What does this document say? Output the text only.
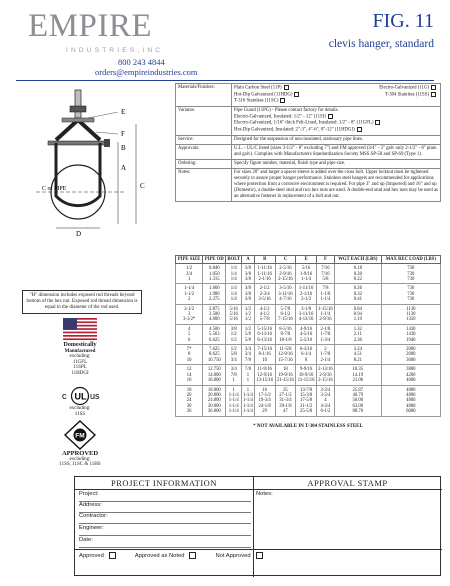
EMPIRE
INDUSTRIES,INC
800 243 4844
orders@empireindustries.com
FIG. 11
clevis hanger, standard
C of PIPE
D
C
A
E
F
B
Materials/Finishes:	Plain Carbon Steel (11P) Electro-Galvanized (11G)
Hot-Dip Galvanized (11HDG) T-304 Stainless (11SS)
T-316 Stainless (11SC)

Variants:	Pipe Guard (11PG) - Please contact factory for details.
Electro-Galvanized, Insulated: 1/2" - 12" (11SI)
Electro-Galvanized, 1/16" thick Felt-Lined, Insulated: 1/2" - 8" (11GFL)
Hot-Dip Galvanized, Insulated: 2"-3", 4"-6", 8"-12" (11HDGI)

Service:	Designed for the suspension of non-insulated, stationary pipe lines.
Approvals:	U.L. - UL/C listed (sizes 3-1/2" - 8" excluding 7") and FM approved (3/4" - 3" galv only 2-1/2" - 8" plain and galv). Complies with Manufacturers Standardization Society MSS SP-58 and SP-69 (Type 1).
Ordering:	Specify figure number, material, finish type and pipe size.
Notes:	For sizes 20" and larger a spacer sleeve is added over the cross bolt. Upper locknut must be tightened securely to assure proper hanger performance. Stainless steel hangers are recommended for applications where protection from a corrosive environment is required. For pipe 3" and up (Imported) and 16" and up (Domestic), a double-steel stud and two hex nuts are used. A double-end stud and hex nuts may be used as an alternative fastener in replacement of a bolt and nut.
PIPE SIZE	PIPE OD	BOLT	A	B	C	E	F	WGT EACH (LBS)	MAX REC LOAD (LBS)
1/2	0.840	1/4	3/8	1-11/16	2-5/16	5/16	7/16	0.18	730
3/4	1.050	1/4	3/8	1-11/16	2-9/16	1-9/16	7/16	0.20	730
1	1.315	1/4	3/8	2-1/16	2-15/16	1-1/4	5/8	0.22	730
1-1/4	1.660	1/4	3/8	2-1/2	3-5/16	1-11/16	7/8	0.26	730
1-1/2	1.900	1/4	3/8	2-3/4	3-11/16	2-1/16	1-1/8	0.32	730
2	2.375	1/4	3/8	3-5/16	4-7/16	2-1/2	1-1/4	0.41	730
2-1/2	2.875	5/16	1/2	4-1/2	5-7/8	3-1/8	1-15/16	0.84	1130
3	3.500	5/16	1/2	4-1/2	6-1/2	3-11/16	1-1/4	0.94	1130
3-1/2*	4.000	5/16	1/2	5-7/8	7-15/16	4-13/16	2-9/16	1.19	1350
4	4.500	3/8	1/2	5-15/16	8-5/16	4-9/16	2-1/8	1.32	1430
5	5.563	1/2	5/8	6-13/16	8-7/8	4-5/16	1-7/8	2.11	1430
6	6.625	1/2	5/8	6-13/16	10-1/8	5-5/16	1-3/4	2.36	1940
7*	7.625	1/2	3/4	7-15/16	11-5/8	6-3/16	2	3.24	2000
8	8.625	5/8	3/4	8-1/16	12-9/16	6-1/4	1-7/8	4.51	2000
10	10.750	3/4	7/8	10	15-7/16	8	2-1/4	8.21	3600
12	12.750	3/4	7/8	11-9/16	18	9-9/16	2-13/16	10.35	3800
14	14.000	7/8	1	12-9/16	19-9/16	10-9/16	2-9/16	14.19	4200
16	16.000	1	1	13-15/16	21-15/16	11-15/16	2-15/16	21.06	4600
18	18.000	1	1	16	25	13-7/8	3-3/4	25.87	4800
20	20.000	1-1/4	1-1/4	17-1/2	27-1/2	15-3/8	3-3/4	46.79	4800
24	24.000	1-1/4	1-1/4	19-3/4	31-3/4	17-5/8	4	50.00	4800
30	30.000	1-1/4	1-1/4	24-1/8	39-1/8	21-1/2	4-3/4	63.00	4800
36	36.000	1-1/4	1-1/4	29	47	25-5/8	6-1/2	88.70	6000
* NOT AVAILABLE IN T-304 STAINLESS STEEL
"H" dimension includes exposed rod threads beyond bottom of the hex nut. Exposed rod thread dimension is equal to the diameter of the rod used.
Domestically
Manufactured
excluding:
11GFL
11SPL
11HDGI
c UL us
excluding:
11SS
FM
APPROVED
excluding:
11SS, 11SC & 11HS
PROJECT INFORMATION	APPROVAL STAMP
Project:
Address:
Contractor:
Engineer:
Date:
Notes:
Approved	Approved as Noted	Not Approved
